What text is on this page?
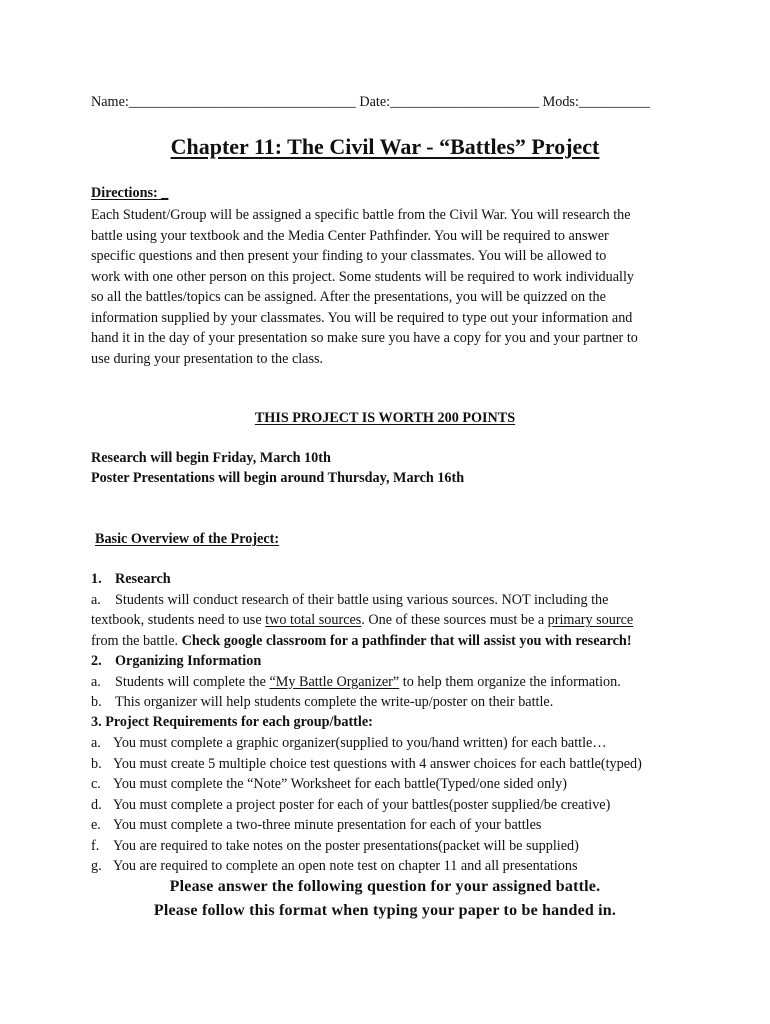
Name:________________________________ Date:_____________________ Mods:__________
Chapter 11: The Civil War - “Battles” Project
Directions: _
Each Student/Group will be assigned a specific battle from the Civil War. You will research the
battle using your textbook and the Media Center Pathfinder. You will be required to answer
specific questions and then present your finding to your classmates. You will be allowed to
work with one other person on this project. Some students will be required to work individually
so all the battles/topics can be assigned. After the presentations, you will be quizzed on the
information supplied by your classmates. You will be required to type out your information and
hand it in the day of your presentation so make sure you have a copy for you and your partner to
use during your presentation to the class.
THIS PROJECT IS WORTH 200 POINTS
Research will begin Friday, March 10th
Poster Presentations will begin around Thursday, March 16th
Basic Overview of the Project:
1. Research
a. Students will conduct research of their battle using various sources. NOT including the
textbook, students need to use two total sources. One of these sources must be a primary source
from the battle. Check google classroom for a pathfinder that will assist you with research!
2. Organizing Information
a. Students will complete the “My Battle Organizer” to help them organize the information.
b. This organizer will help students complete the write-up/poster on their battle.
3. Project Requirements for each group/battle:
a. You must complete a graphic organizer(supplied to you/hand written) for each battle…
b. You must create 5 multiple choice test questions with 4 answer choices for each battle(typed)
c. You must complete the “Note” Worksheet for each battle(Typed/one sided only)
d. You must complete a project poster for each of your battles(poster supplied/be creative)
e. You must complete a two-three minute presentation for each of your battles
f. You are required to take notes on the poster presentations(packet will be supplied)
g. You are required to complete an open note test on chapter 11 and all presentations
Please answer the following question for your assigned battle.
Please follow this format when typing your paper to be handed in.
